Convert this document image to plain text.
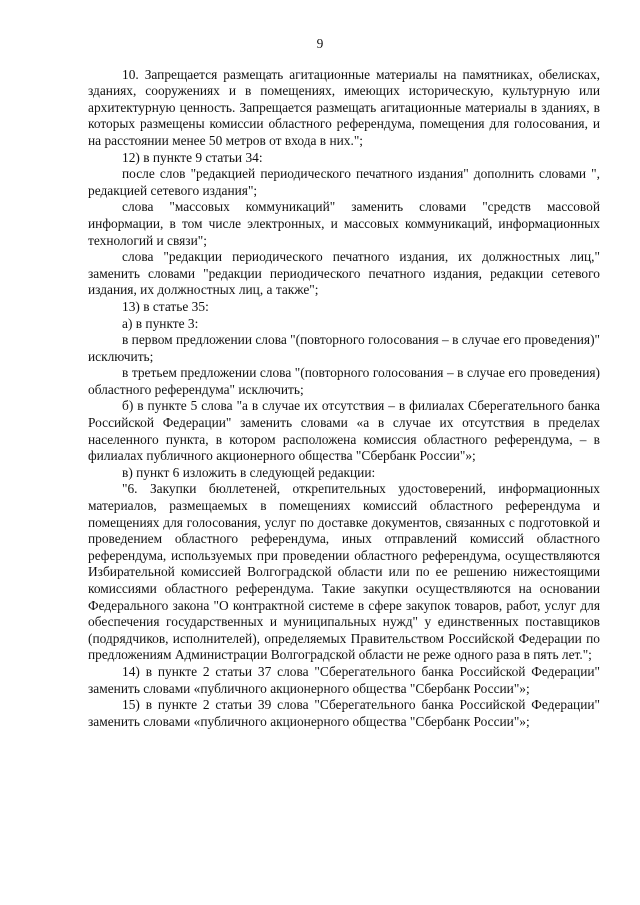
9
10. Запрещается размещать агитационные материалы на памятниках, обелисках, зданиях, сооружениях и в помещениях, имеющих историческую, культурную или архитектурную ценность. Запрещается размещать агитационные материалы в зданиях, в которых размещены комиссии областного референдума, помещения для голосования, и на расстоянии менее 50 метров от входа в них.";
12) в пункте 9 статьи 34:
после слов "редакцией периодического печатного издания" дополнить словами ", редакцией сетевого издания";
слова "массовых коммуникаций" заменить словами "средств массовой информации, в том числе электронных, и массовых коммуникаций, информационных технологий и связи";
слова "редакции периодического печатного издания, их должностных лиц," заменить словами "редакции периодического печатного издания, редакции сетевого издания, их должностных лиц, а также";
13) в статье 35:
а) в пункте 3:
в первом предложении слова "(повторного голосования – в случае его проведения)" исключить;
в третьем предложении слова "(повторного голосования – в случае его проведения) областного референдума" исключить;
б) в пункте 5 слова "а в случае их отсутствия – в филиалах Сберегательного банка Российской Федерации" заменить словами «а в случае их отсутствия в пределах населенного пункта, в котором расположена комиссия областного референдума, – в филиалах публичного акционерного общества "Сбербанк России"»;
в) пункт 6 изложить в следующей редакции:
"6. Закупки бюллетеней, открепительных удостоверений, информационных материалов, размещаемых в помещениях комиссий областного референдума и помещениях для голосования, услуг по доставке документов, связанных с подготовкой и проведением областного референдума, иных отправлений комиссий областного референдума, используемых при проведении областного референдума, осуществляются Избирательной комиссией Волгоградской области или по ее решению нижестоящими комиссиями областного референдума. Такие закупки осуществляются на основании Федерального закона "О контрактной системе в сфере закупок товаров, работ, услуг для обеспечения государственных и муниципальных нужд" у единственных поставщиков (подрядчиков, исполнителей), определяемых Правительством Российской Федерации по предложениям Администрации Волгоградской области не реже одного раза в пять лет.";
14) в пункте 2 статьи 37 слова "Сберегательного банка Российской Федерации" заменить словами «публичного акционерного общества "Сбербанк России"»;
15) в пункте 2 статьи 39 слова "Сберегательного банка Российской Федерации" заменить словами «публичного акционерного общества "Сбербанк России"»;
